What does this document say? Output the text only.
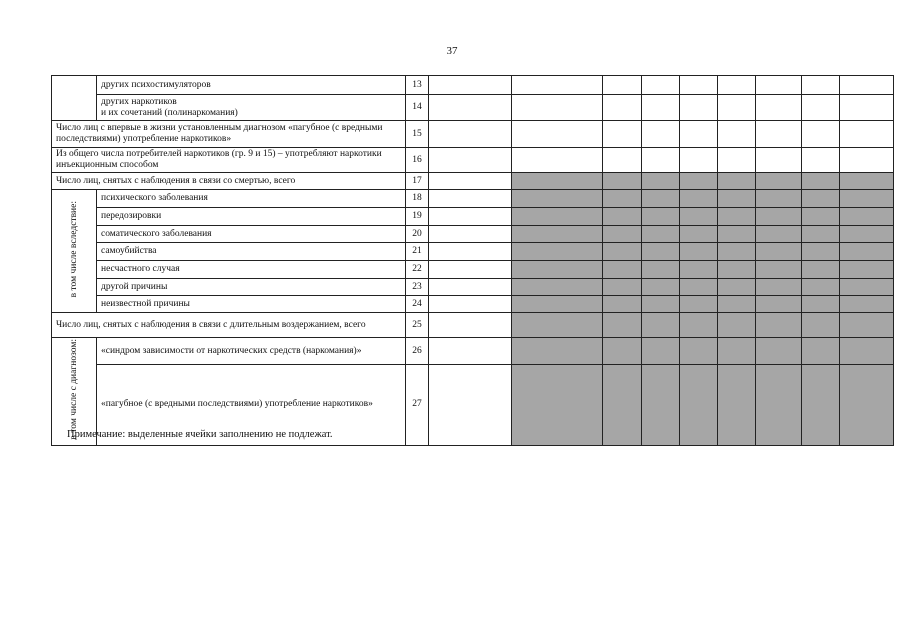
37
	других психостимуляторов	13									
	других наркотиков
и их сочетаний (полинаркомания)	14									
Число лиц с впервые в жизни установленным диагнозом «пагубное (с вредными последствиями) употребление наркотиков»		15									
Из общего числа потребителей наркотиков (гр. 9 и 15) – употребляют наркотики инъекционным способом		16									
Число лиц, снятых с наблюдения в связи со смертью, всего		17									
в том числе вследствие:	психического заболевания	18									
	передозировки	19									
	соматического заболевания	20									
	самоубийства	21									
	несчастного случая	22									
	другой причины	23									
	неизвестной причины	24									
Число лиц, снятых с наблюдения в связи с длительным воздержанием, всего		25									
в том числе с диагнозом:	«синдром зависимости от наркотических средств (наркомания)»	26									
	«пагубное (с вредными последствиями) употребление наркотиков»	27									
Примечание: выделенные ячейки заполнению не подлежат.
